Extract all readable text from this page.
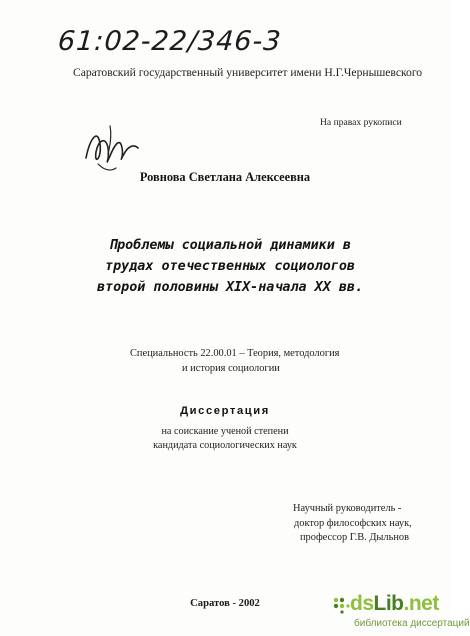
61:02-22/346-3
Саратовский государственный университет имени Н.Г.Чернышевского
На правах рукописи
Ровнова Светлана Алексеевна
Проблемы социальной динамики в
трудах отечественных социологов
второй половины XIX-начала XX вв.
Специальность 22.00.01 – Теория, методология
и история социологии
Диссертация
на соискание ученой степени
кандидата социологических наук
Научный руководитель -
доктор философских наук,
профессор Г.В. Дыльнов
Саратов - 2002	dsLib.net
библиотека диссертаций
